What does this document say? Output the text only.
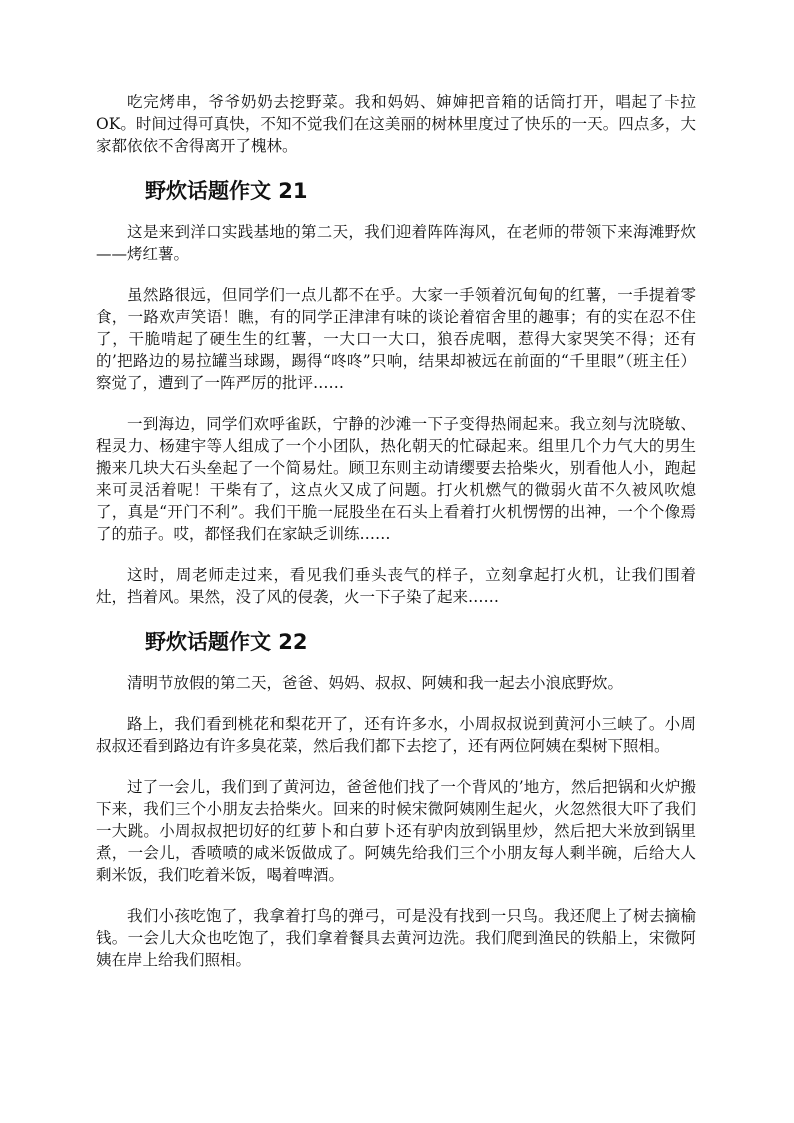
吃完烤串，爷爷奶奶去挖野菜。我和妈妈、婶婶把音箱的话筒打开，唱起了卡拉OK。时间过得可真快，不知不觉我们在这美丽的树林里度过了快乐的一天。四点多，大家都依依不舍得离开了槐林。

野炊话题作文 21

这是来到洋口实践基地的第二天，我们迎着阵阵海风，在老师的带领下来海滩野炊——烤红薯。

虽然路很远，但同学们一点儿都不在乎。大家一手领着沉甸甸的红薯，一手提着零食，一路欢声笑语！瞧，有的同学正津津有味的谈论着宿舍里的趣事；有的实在忍不住了，干脆啃起了硬生生的红薯，一大口一大口，狼吞虎咽，惹得大家哭笑不得；还有的’把路边的易拉罐当球踢，踢得“咚咚”只响，结果却被远在前面的“千里眼”（班主任）察觉了，遭到了一阵严厉的批评……

一到海边，同学们欢呼雀跃，宁静的沙滩一下子变得热闹起来。我立刻与沈晓敏、程灵力、杨建宇等人组成了一个小团队，热化朝天的忙碌起来。组里几个力气大的男生搬来几块大石头垒起了一个简易灶。顾卫东则主动请缨要去拾柴火，别看他人小，跑起来可灵活着呢！干柴有了，这点火又成了问题。打火机燃气的微弱火苗不久被风吹熄了，真是“开门不利”。我们干脆一屁股坐在石头上看着打火机愣愣的出神，一个个像焉了的茄子。哎，都怪我们在家缺乏训练……

这时，周老师走过来，看见我们垂头丧气的样子，立刻拿起打火机，让我们围着灶，挡着风。果然，没了风的侵袭，火一下子染了起来……

野炊话题作文 22

清明节放假的第二天，爸爸、妈妈、叔叔、阿姨和我一起去小浪底野炊。

路上，我们看到桃花和梨花开了，还有许多水，小周叔叔说到黄河小三峡了。小周叔叔还看到路边有许多臭花菜，然后我们都下去挖了，还有两位阿姨在梨树下照相。

过了一会儿，我们到了黄河边，爸爸他们找了一个背风的’地方，然后把锅和火炉搬下来，我们三个小朋友去拾柴火。回来的时候宋微阿姨刚生起火，火忽然很大吓了我们一大跳。小周叔叔把切好的红萝卜和白萝卜还有驴肉放到锅里炒，然后把大米放到锅里煮，一会儿，香喷喷的咸米饭做成了。阿姨先给我们三个小朋友每人剩半碗，后给大人剩米饭，我们吃着米饭，喝着啤酒。

我们小孩吃饱了，我拿着打鸟的弹弓，可是没有找到一只鸟。我还爬上了树去摘榆钱。一会儿大众也吃饱了，我们拿着餐具去黄河边洗。我们爬到渔民的铁船上，宋微阿姨在岸上给我们照相。
